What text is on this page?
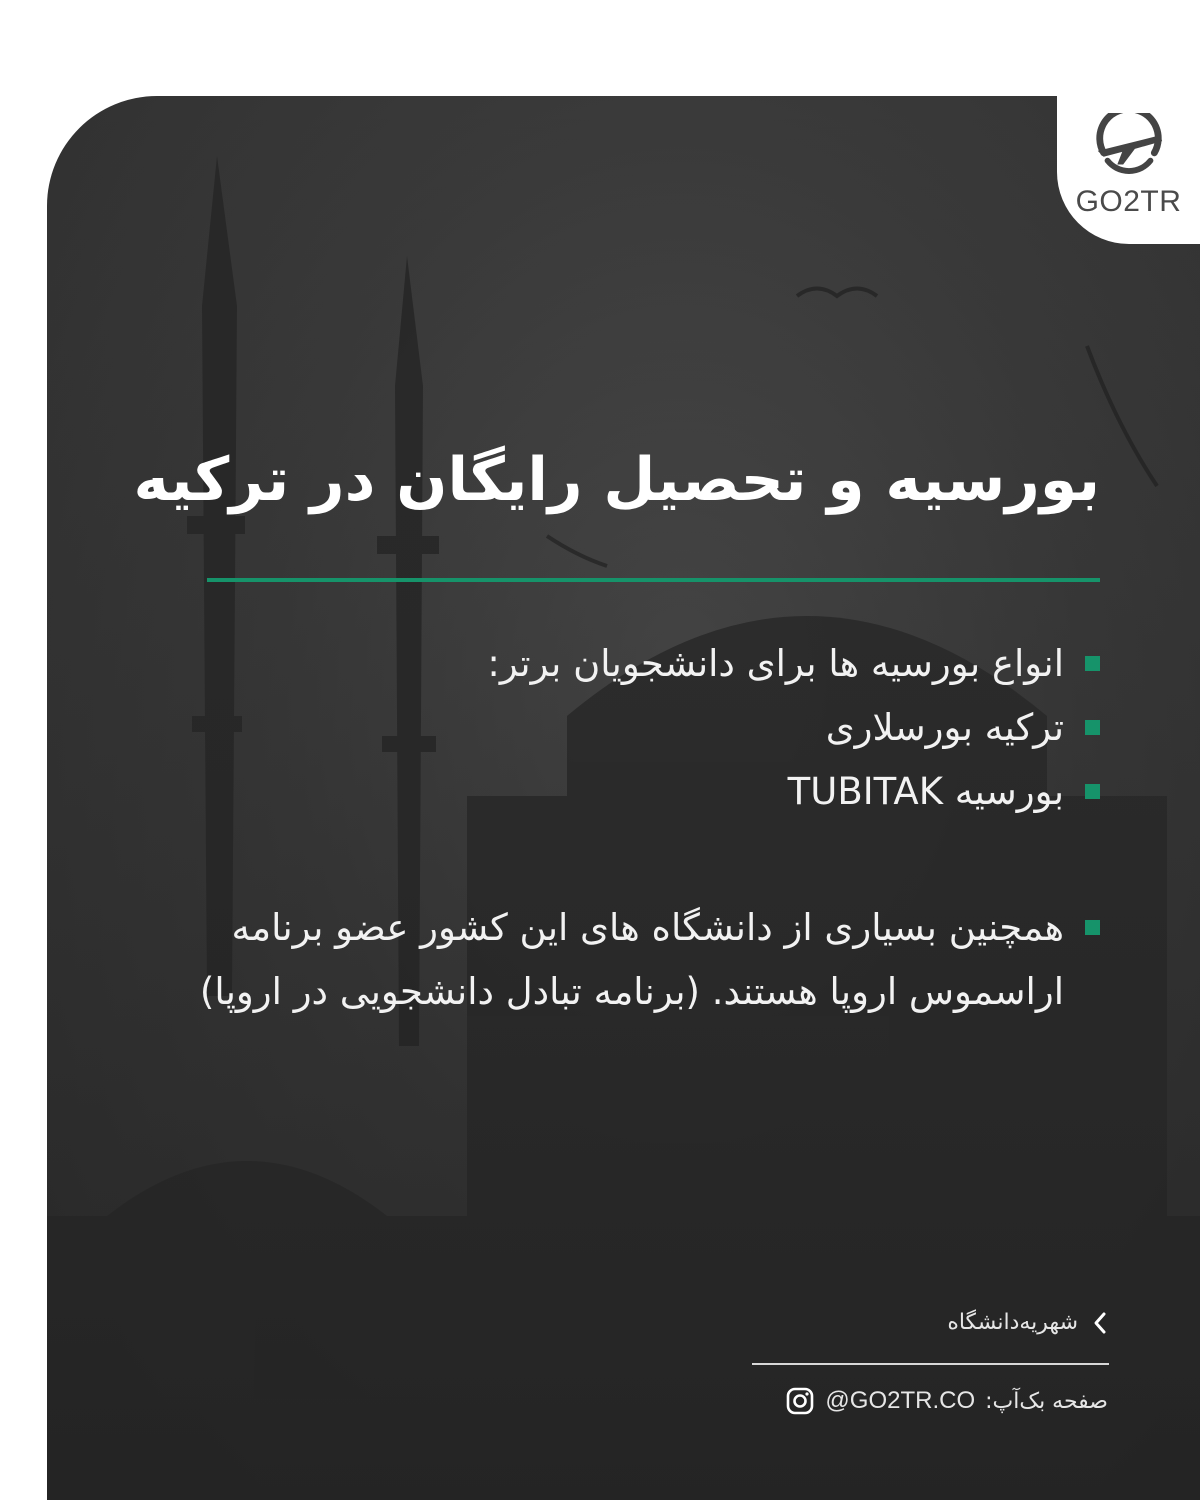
GO2TR
بورسیه و تحصیل رایگان در ترکیه
انواع بورسیه ها برای دانشجویان برتر:
ترکیه بورسلاری
بورسیه TUBITAK
همچنین بسیاری از دانشگاه های این کشور عضو برنامه اراسموس اروپا هستند. (برنامه تبادل دانشجویی در اروپا)
شهریه‌دانشگاه
صفحه بک‌آپ:
@GO2TR.CO
